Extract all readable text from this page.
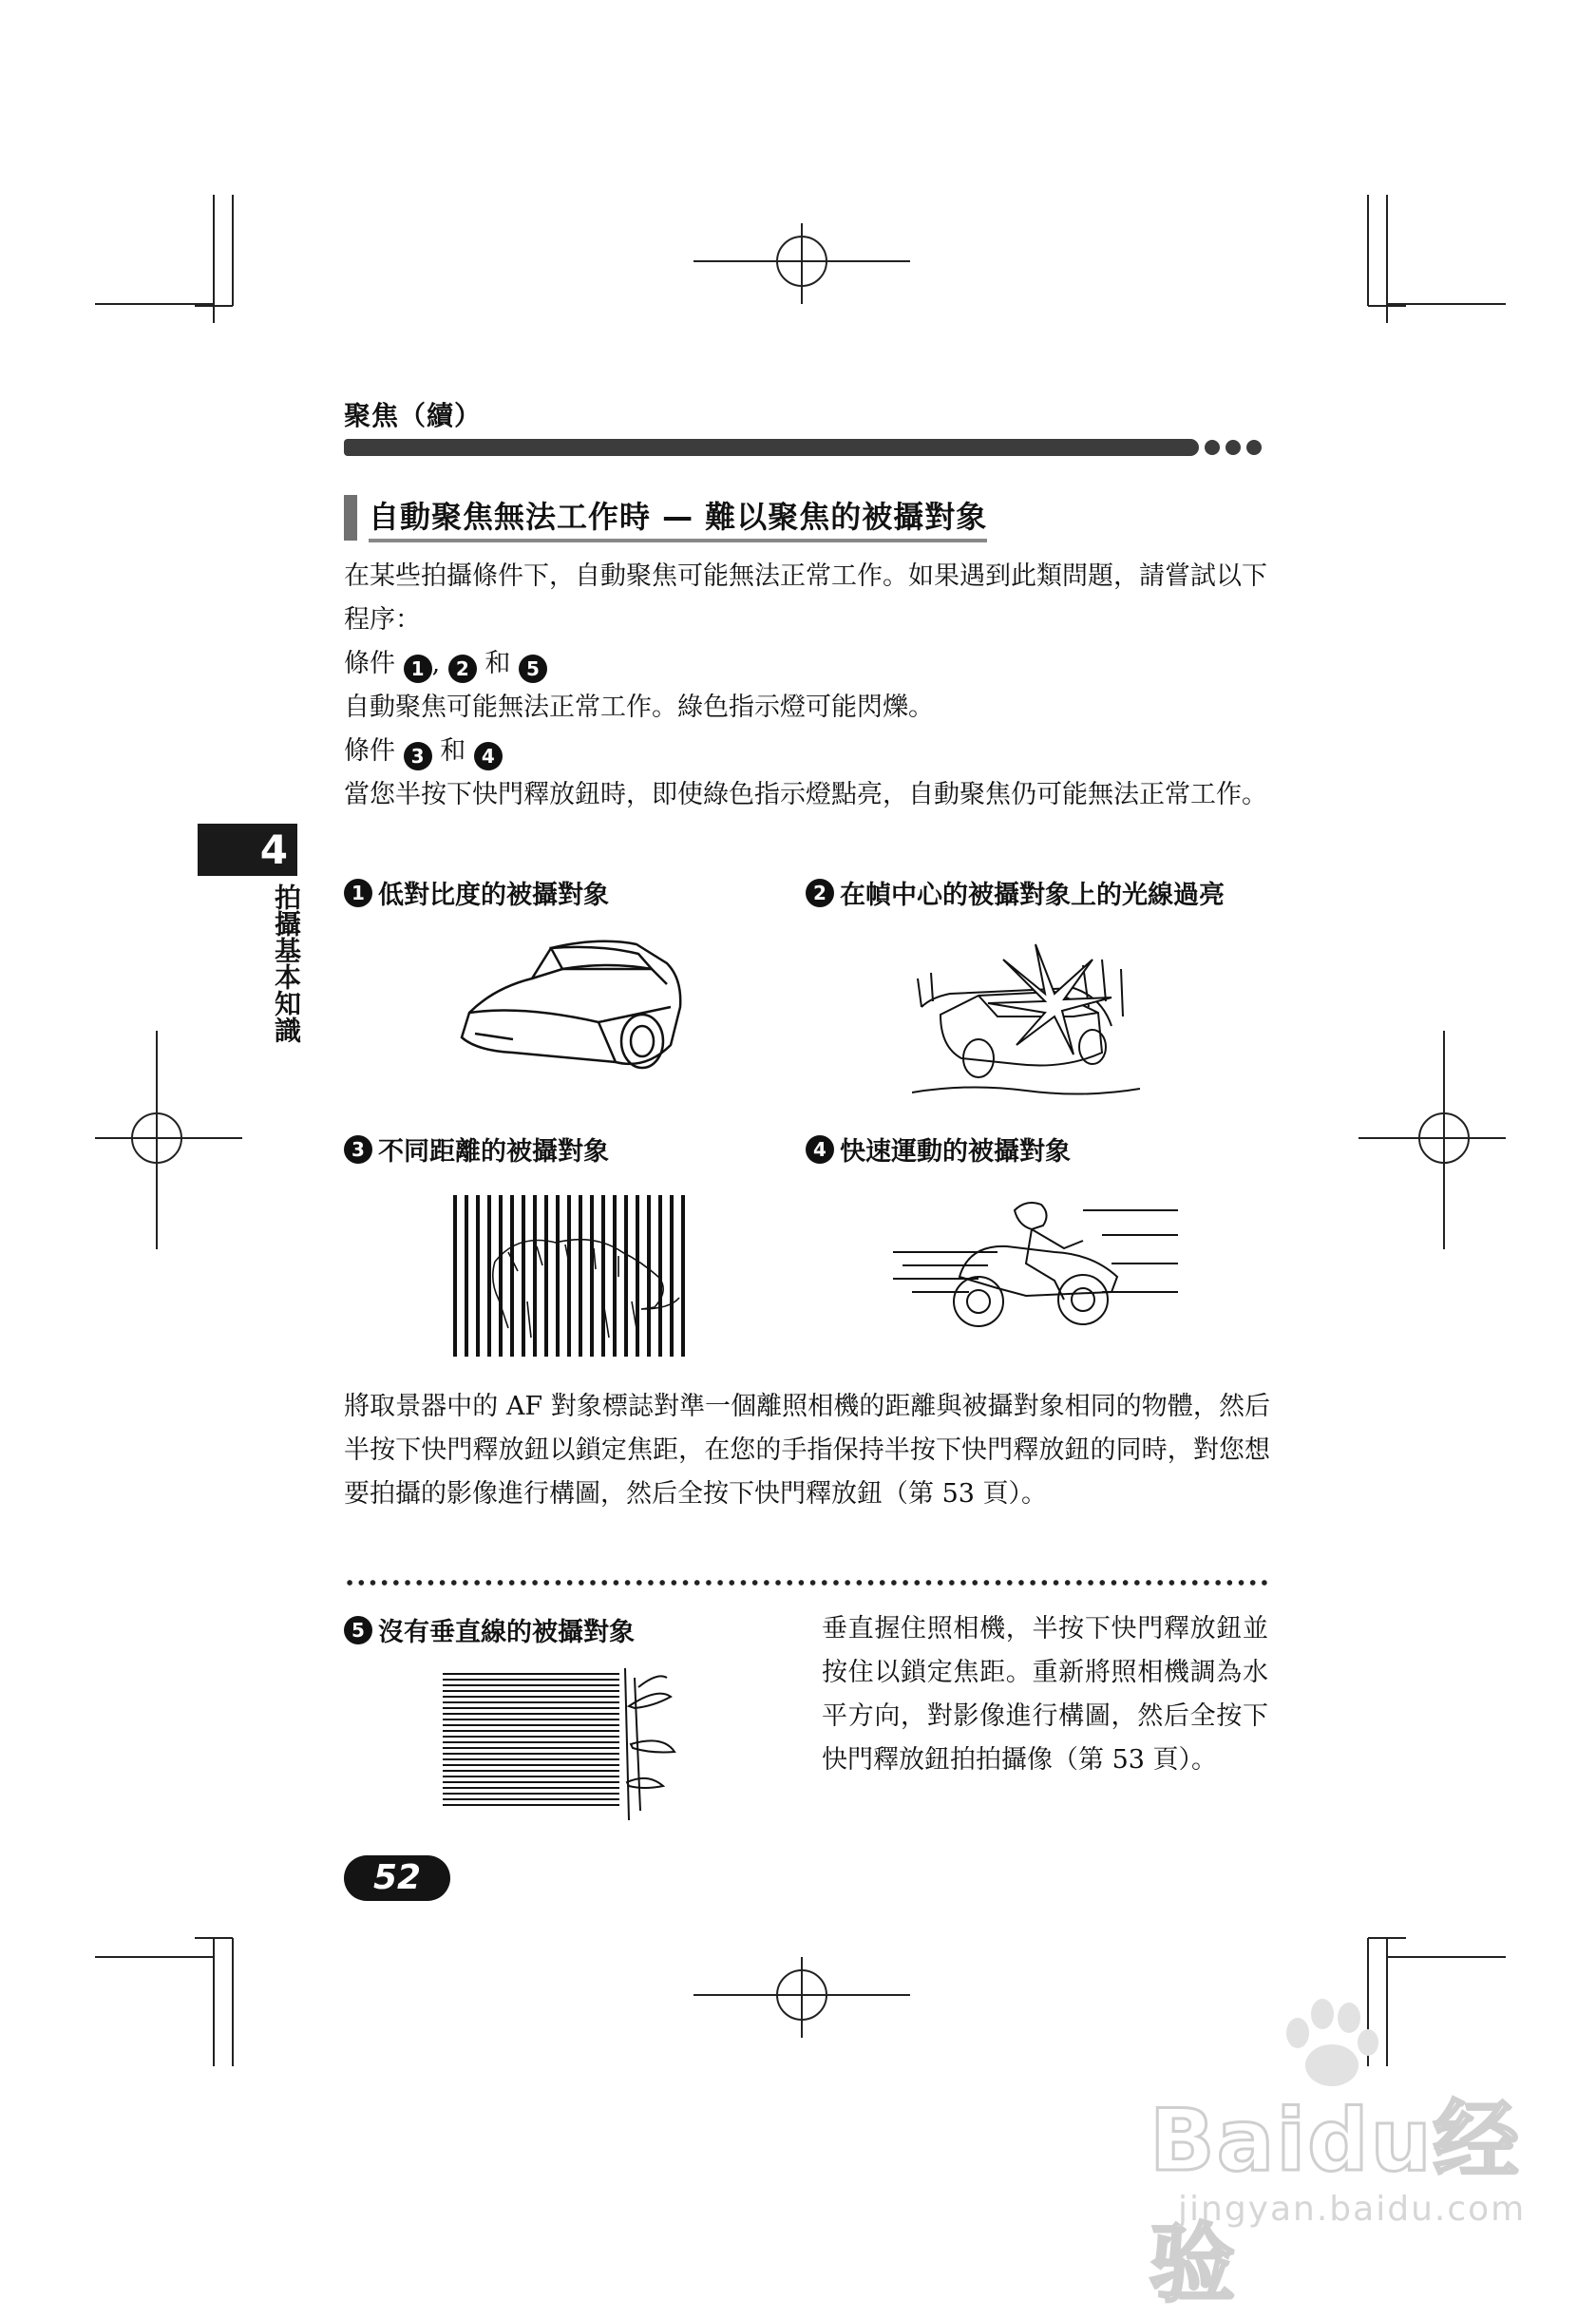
聚焦（續）
自動聚焦無法工作時 — 難以聚焦的被攝對象

在某些拍攝條件下，自動聚焦可能無法正常工作。如果遇到此類問題，請嘗試以下程序：

條件 1 , 2 和 5

自動聚焦可能無法正常工作。綠色指示燈可能閃爍。

條件 3 和 4

當您半按下快門釋放鈕時，即使綠色指示燈點亮，自動聚焦仍可能無法正常工作。

4
拍攝基本知識	1 低對比度的被攝對象	2 在幀中心的被攝對象上的光線過亮
3 不同距離的被攝對象	4 快速運動的被攝對象
5 沒有垂直線的被攝對象
將取景器中的 AF 對象標誌對準一個離照相機的距離與被攝對象相同的物體，然后半按下快門釋放鈕以鎖定焦距，在您的手指保持半按下快門釋放鈕的同時，對您想要拍攝的影像進行構圖，然后全按下快門釋放鈕（第 53 頁）。
垂直握住照相機，半按下快門釋放鈕並按住以鎖定焦距。重新將照相機調為水平方向，對影像進行構圖，然后全按下快門釋放鈕拍拍攝像（第 53 頁）。
52
Baidu经验
jingyan.baidu.com
